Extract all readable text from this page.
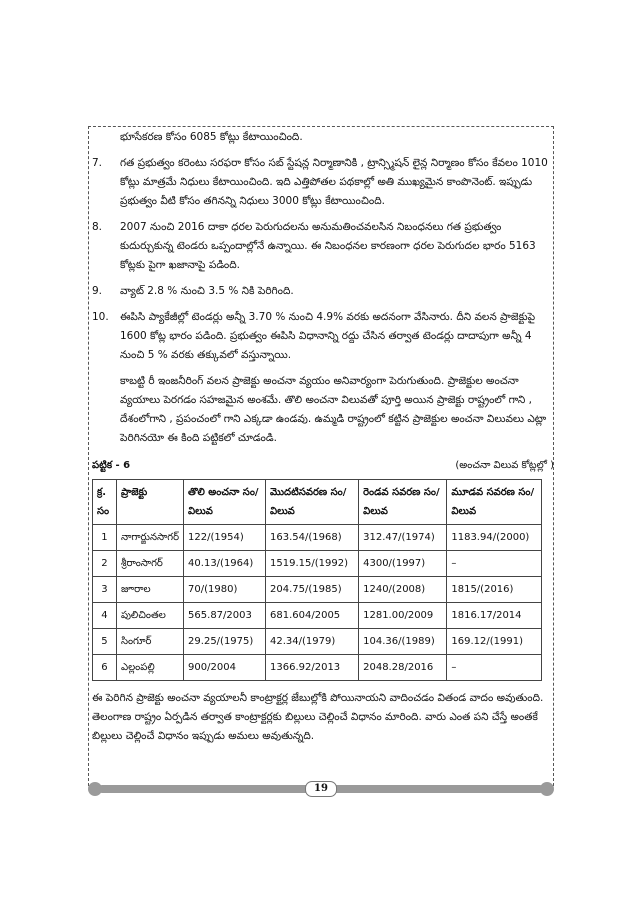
భూసేకరణ కోసం 6085 కోట్లు కేటాయించింది.

7.	గత ప్రభుత్వం కరెంటు సరఫరా కోసం సబ్ స్టేషన్ల నిర్మాణానికి , ట్రాన్స్మిషన్ లైన్ల నిర్మాణం కోసం కేవలం 1010 కోట్లు మాత్రమే నిధులు కేటాయించింది. ఇది ఎత్తిపోతల పథకాల్లో అతి ముఖ్యమైన కాంపొనెంట్. ఇప్పుడు ప్రభుత్వం వీటి కోసం తగినన్ని నిధులు 3000 కోట్లు కేటాయించింది.
8.	2007 నుంచి 2016 దాకా ధరల పెరుగుదలను అనుమతించవలసిన నిబంధనలు గత ప్రభుత్వం కుదుర్చుకున్న టెండరు ఒప్పందాల్లోనే ఉన్నాయి. ఈ నిబంధనల కారణంగా ధరల పెరుగుదల భారం 5163 కోట్లకు పైగా ఖజానాపై పడింది.
9.	వ్యాట్ 2.8 % నుంచి 3.5 % నికి పెరిగింది.
10.	ఈపిసి ప్యాకేజీల్లో టెండర్లు అన్నీ 3.70 % నుంచి 4.9% వరకు అదనంగా వేసినారు. దీని వలన ప్రాజెక్టుపై 1600 కోట్ల భారం పడింది. ప్రభుత్వం ఈపిసి విధానాన్ని రద్దు చేసిన తర్వాత టెండర్లు దాదాపుగా అన్నీ 4 నుంచి 5 % వరకు తక్కువలో వస్తున్నాయి.

కాబట్టి రీ ఇంజనీరింగ్ వలన ప్రాజెక్టు అంచనా వ్యయం అనివార్యంగా పెరుగుతుంది. ప్రాజెక్టుల అంచనా వ్యయాలు పెరగడం సహజమైన అంశమే. తొలి అంచనా విలువతో పూర్తి అయిన ప్రాజెక్టు రాష్ట్రంలో గాని , దేశంలోగాని , ప్రపంచంలో గాని ఎక్కడా ఉండవు. ఉమ్మడి రాష్ట్రంలో కట్టిన ప్రాజెక్టుల అంచనా విలువలు ఎట్లా పెరిగినయో ఈ కింది పట్టికలో చూడండి.

పట్టిక - 6	(అంచనా విలువ కోట్లల్లో )
క్ర. సం	ప్రాజెక్టు	తొలి అంచనా సం/ విలువ	మొదటిసవరణ సం/ విలువ	రెండవ సవరణ సం/ విలువ	మూడవ సవరణ సం/ విలువ
1	నాగార్జునసాగర్	122/(1954)	163.54/(1968)	312.47/(1974)	1183.94/(2000)
2	శ్రీరాంసాగర్	40.13/(1964)	1519.15/(1992)	4300/(1997)	–
3	జూరాల	70/(1980)	204.75/(1985)	1240/(2008)	1815/(2016)
4	పులిచింతల	565.87/2003	681.604/2005	1281.00/2009	1816.17/2014
5	సింగూర్	29.25/(1975)	42.34/(1979)	104.36/(1989)	169.12/(1991)
6	ఎల్లంపల్లి	900/2004	1366.92/2013	2048.28/2016	–

ఈ పెరిగిన ప్రాజెక్టు అంచనా వ్యయాలనీ కాంట్రాక్టర్ల జేబుల్లోకి పోయినాయని వాదించడం వితండ వాదం అవుతుంది. తెలంగాణ రాష్ట్రం ఏర్పడిన తర్వాత కాంట్రాక్టర్లకు బిల్లులు చెల్లించే విధానం మారింది. వారు ఎంత పని చేస్తే అంతకే బిల్లులు చెల్లించే విధానం ఇప్పుడు అమలు అవుతున్నది.

19
